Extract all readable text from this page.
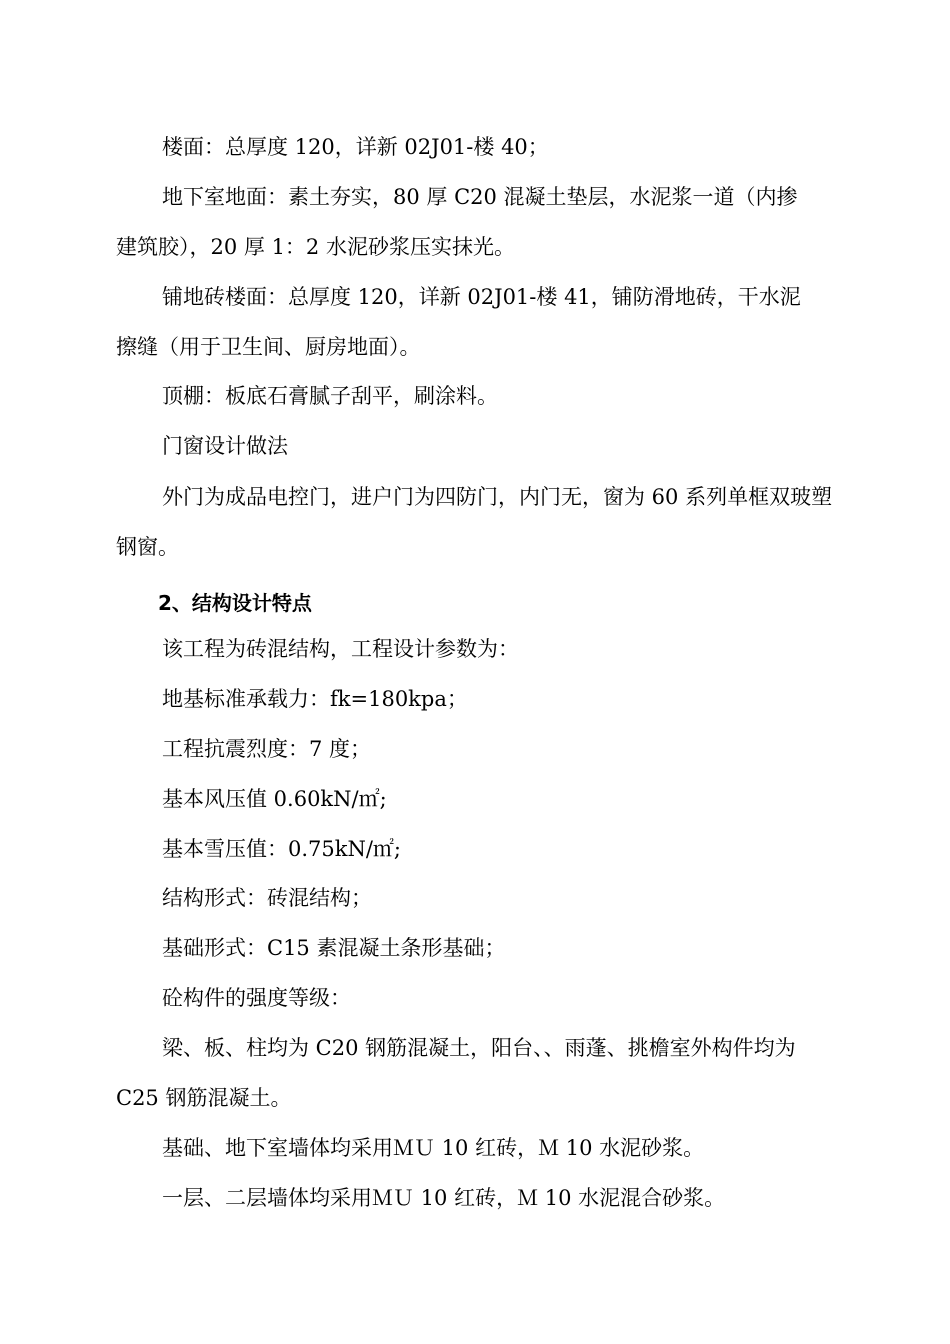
楼面：总厚度 120，详新 02J01-楼 40；
地下室地面：素土夯实，80 厚 C20 混凝土垫层，水泥浆一道（内掺
建筑胶），20 厚 1：2 水泥砂浆压实抹光。
铺地砖楼面：总厚度 120，详新 02J01-楼 41，铺防滑地砖，干水泥
擦缝（用于卫生间、厨房地面）。
顶棚：板底石膏腻子刮平，刷涂料。
门窗设计做法
外门为成品电控门，进户门为四防门，内门无，窗为 60 系列单框双玻塑
钢窗。
2、结构设计特点
该工程为砖混结构，工程设计参数为：
地基标准承载力：fk=180kpa；
工程抗震烈度：7 度；
基本风压值 0.60kN/㎡;
基本雪压值：0.75kN/㎡;
结构形式：砖混结构；
基础形式：C15 素混凝土条形基础；
砼构件的强度等级：
梁、板、柱均为 C20 钢筋混凝土，阳台、、雨蓬、挑檐室外构件均为
C25 钢筋混凝土。
基础、地下室墙体均采用ＭＵ 10 红砖，Ｍ 10 水泥砂浆。
一层、二层墙体均采用ＭＵ 10 红砖，Ｍ 10 水泥混合砂浆。
